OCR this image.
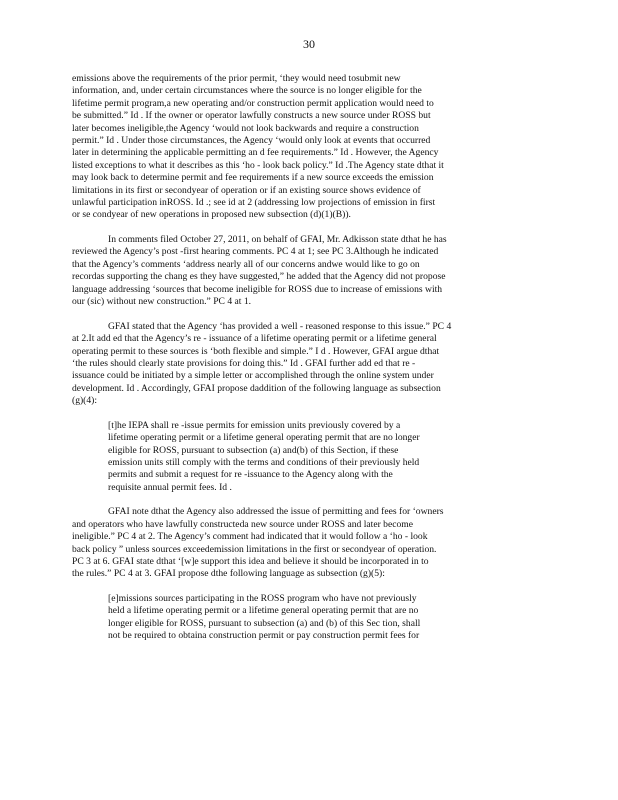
30
emissions above the requirements of the prior permit, ‘they would need tosubmit new
information, and, under certain circumstances where the source is no longer eligible for the
lifetime permit program,a new operating and/or construction permit application would need to
be submitted.” Id . If the owner or operator lawfully constructs a new source under ROSS but
later becomes ineligible,the Agency ‘would not look backwards and require a construction
permit.” Id . Under those circumstances, the Agency ‘would only look at events that occurred
later in determining the applicable permitting an d fee requirements.” Id . However, the Agency
listed exceptions to what it describes as this ‘ho - look back policy.” Id .The Agency state dthat it
may look back to determine permit and fee requirements if a new source exceeds the emission
limitations in its first or secondyear of operation or if an existing source shows evidence of
unlawful participation inROSS. Id .; see id at 2 (addressing low projections of emission in first
or se condyear of new operations in proposed new subsection (d)(1)(B)).
In comments filed October 27, 2011, on behalf of GFAI, Mr. Adkisson state dthat he has
reviewed the Agency’s post -first hearing comments. PC 4 at 1; see PC 3.Although he indicated
that the Agency’s comments ‘address nearly all of our concerns andwe would like to go on
recordas supporting the chang es they have suggested,” he added that the Agency did not propose
language addressing ‘sources that become ineligible for ROSS due to increase of emissions with
our (sic) without new construction.” PC 4 at 1.
GFAI stated that the Agency ‘has provided a well - reasoned response to this issue.” PC 4
at 2.It add ed that the Agency’s re - issuance of a lifetime operating permit or a lifetime general
operating permit to these sources is ‘both flexible and simple.” I d . However, GFAI argue dthat
‘the rules should clearly state provisions for doing this.” Id . GFAI further add ed that re -
issuance could be initiated by a simple letter or accomplished through the online system under
development. Id . Accordingly, GFAI propose daddition of the following language as subsection
(g)(4):
[t]he IEPA shall re -issue permits for emission units previously covered by a
lifetime operating permit or a lifetime general operating permit that are no longer
eligible for ROSS, pursuant to subsection (a) and(b) of this Section, if these
emission units still comply with the terms and conditions of their previously held
permits and submit a request for re -issuance to the Agency along with the
requisite annual permit fees. Id .
GFAI note dthat the Agency also addressed the issue of permitting and fees for ‘owners
and operators who have lawfully constructeda new source under ROSS and later become
ineligible.” PC 4 at 2. The Agency’s comment had indicated that it would follow a ‘ho - look
back policy ” unless sources exceedemission limitations in the first or secondyear of operation.
PC 3 at 6. GFAI state dthat ‘[w]e support this idea and believe it should be incorporated in to
the rules.” PC 4 at 3. GFAI propose dthe following language as subsection (g)(5):
[e]missions sources participating in the ROSS program who have not previously
held a lifetime operating permit or a lifetime general operating permit that are no
longer eligible for ROSS, pursuant to subsection (a) and (b) of this Sec tion, shall
not be required to obtaina construction permit or pay construction permit fees for
